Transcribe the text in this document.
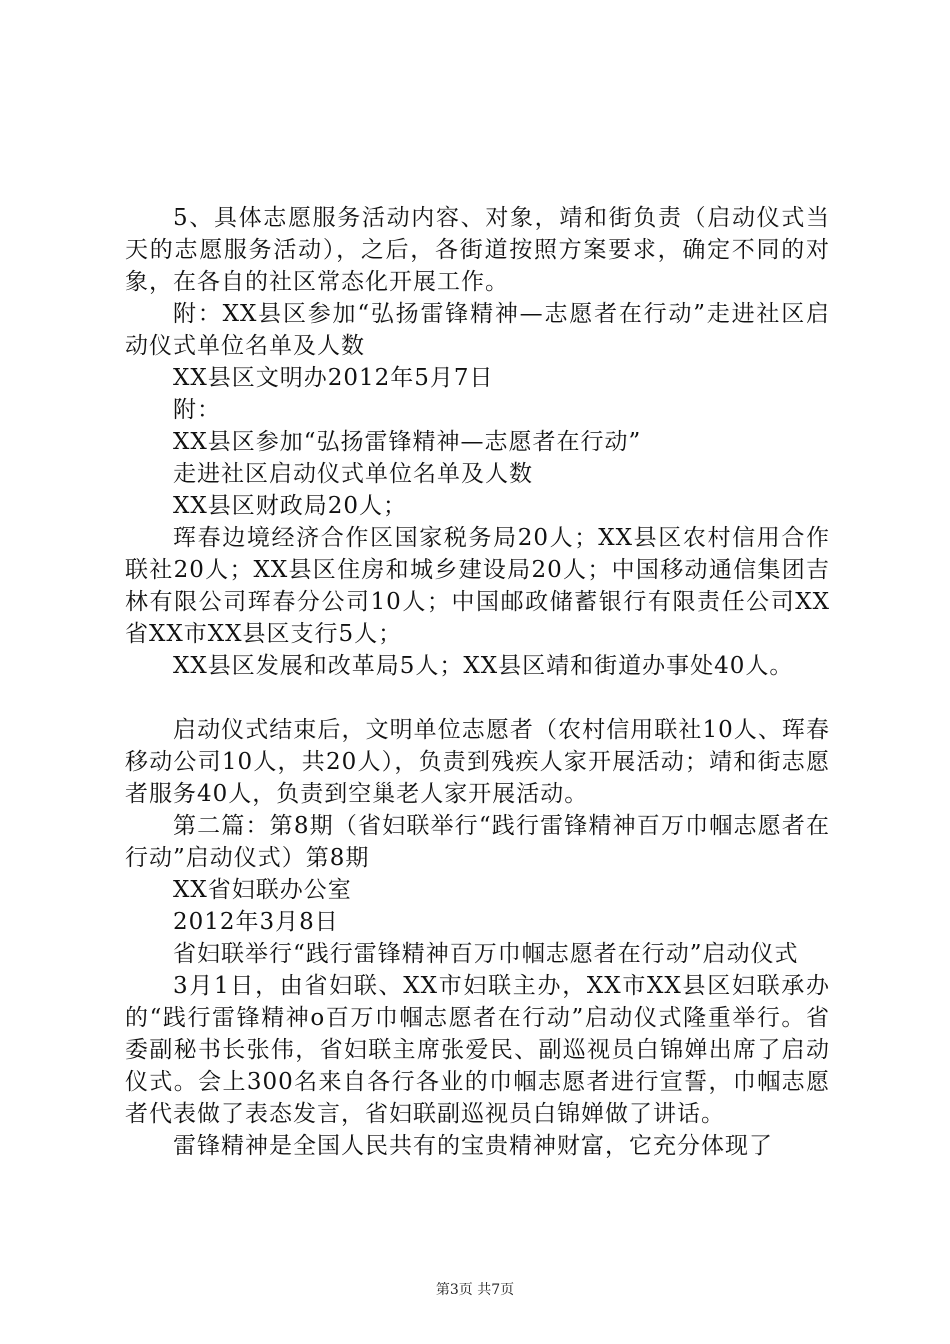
5、具体志愿服务活动内容、对象，靖和街负责（启动仪式当天的志愿服务活动），之后，各街道按照方案要求，确定不同的对象，在各自的社区常态化开展工作。

附：XX县区参加“弘扬雷锋精神—志愿者在行动”走进社区启动仪式单位名单及人数

XX县区文明办2012年5月7日

附：

XX县区参加“弘扬雷锋精神—志愿者在行动”

走进社区启动仪式单位名单及人数

XX县区财政局20人；

珲春边境经济合作区国家税务局20人；XX县区农村信用合作联社20人；XX县区住房和城乡建设局20人；中国移动通信集团吉林有限公司珲春分公司10人；中国邮政储蓄银行有限责任公司XX省XX市XX县区支行5人；

XX县区发展和改革局5人；XX县区靖和街道办事处40人。

启动仪式结束后，文明单位志愿者（农村信用联社10人、珲春移动公司10人，共20人），负责到残疾人家开展活动；靖和街志愿者服务40人，负责到空巢老人家开展活动。

第二篇：第8期（省妇联举行“践行雷锋精神百万巾帼志愿者在行动”启动仪式）第8期

XX省妇联办公室

2012年3月8日

省妇联举行“践行雷锋精神百万巾帼志愿者在行动”启动仪式

3月1日，由省妇联、XX市妇联主办，XX市XX县区妇联承办的“践行雷锋精神o百万巾帼志愿者在行动”启动仪式隆重举行。省委副秘书长张伟，省妇联主席张爱民、副巡视员白锦婵出席了启动仪式。会上300名来自各行各业的巾帼志愿者进行宣誓，巾帼志愿者代表做了表态发言，省妇联副巡视员白锦婵做了讲话。

雷锋精神是全国人民共有的宝贵精神财富，它充分体现了

第3页 共7页
